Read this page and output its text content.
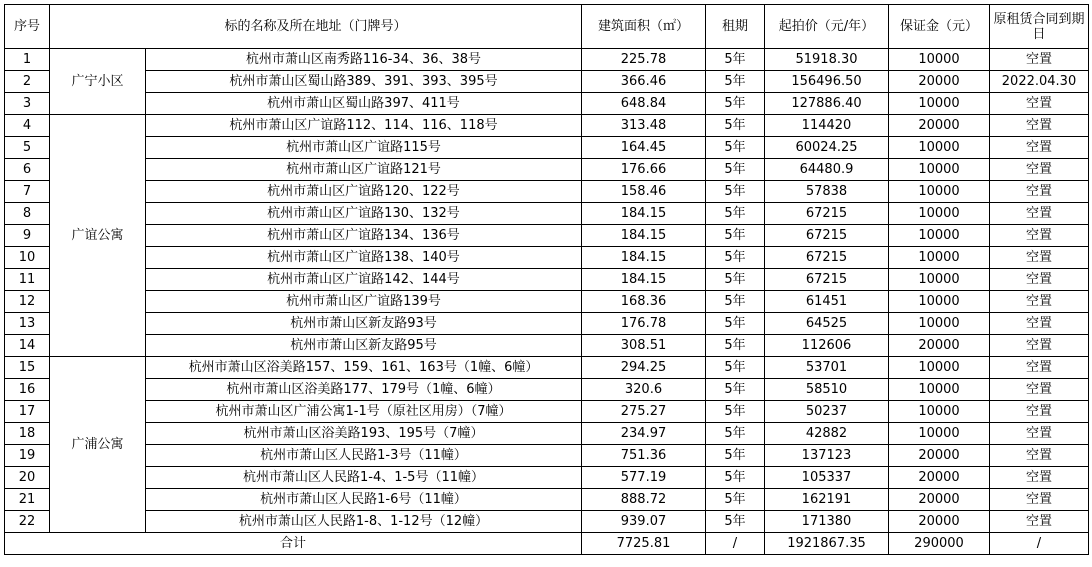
序号	标的名称及所在地址（门牌号）		建筑面积（㎡）	租期	起拍价（元/年）	保证金（元）	原租赁合同到期日
1	广宁小区	杭州市萧山区南秀路116-34、36、38号	225.78	5年	51918.30	10000	空置
2		杭州市萧山区蜀山路389、391、393、395号	366.46	5年	156496.50	20000	2022.04.30
3		杭州市萧山区蜀山路397、411号	648.84	5年	127886.40	10000	空置
4	广谊公寓	杭州市萧山区广谊路112、114、116、118号	313.48	5年	114420	20000	空置
5		杭州市萧山区广谊路115号	164.45	5年	60024.25	10000	空置
6		杭州市萧山区广谊路121号	176.66	5年	64480.9	10000	空置
7		杭州市萧山区广谊路120、122号	158.46	5年	57838	10000	空置
8		杭州市萧山区广谊路130、132号	184.15	5年	67215	10000	空置
9		杭州市萧山区广谊路134、136号	184.15	5年	67215	10000	空置
10		杭州市萧山区广谊路138、140号	184.15	5年	67215	10000	空置
11		杭州市萧山区广谊路142、144号	184.15	5年	67215	10000	空置
12		杭州市萧山区广谊路139号	168.36	5年	61451	10000	空置
13		杭州市萧山区新友路93号	176.78	5年	64525	10000	空置
14		杭州市萧山区新友路95号	308.51	5年	112606	20000	空置
15	广浦公寓	杭州市萧山区浴美路157、159、161、163号（1幢、6幢）	294.25	5年	53701	10000	空置
16		杭州市萧山区浴美路177、179号（1幢、6幢）	320.6	5年	58510	10000	空置
17		杭州市萧山区广浦公寓1-1号（原社区用房）（7幢）	275.27	5年	50237	10000	空置
18		杭州市萧山区浴美路193、195号（7幢）	234.97	5年	42882	10000	空置
19		杭州市萧山区人民路1-3号（11幢）	751.36	5年	137123	20000	空置
20		杭州市萧山区人民路1-4、1-5号（11幢）	577.19	5年	105337	20000	空置
21		杭州市萧山区人民路1-6号（11幢）	888.72	5年	162191	20000	空置
22		杭州市萧山区人民路1-8、1-12号（12幢）	939.07	5年	171380	20000	空置
合计			7725.81	/	1921867.35	290000	/
